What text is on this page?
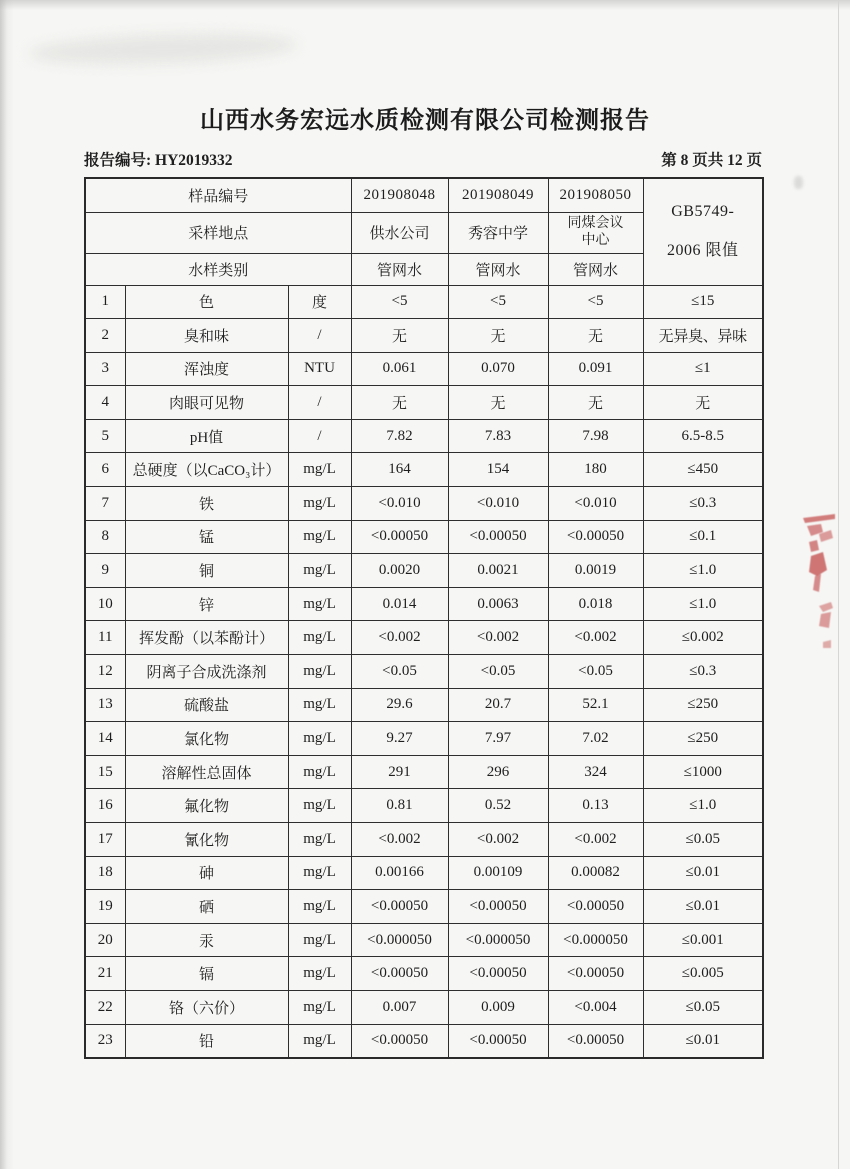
山西水务宏远水质检测有限公司检测报告
报告编号: HY2019332	第 8 页共 12 页
样品编号			201908048	201908049	201908050	GB5749-
2006 限值

采样地点			供水公司	秀容中学	同煤会议中心	
水样类别			管网水	管网水	管网水	
1	色	度	<5	<5	<5	≤15
2	臭和味	/	无	无	无	无异臭、异味
3	浑浊度	NTU	0.061	0.070	0.091	≤1
4	肉眼可见物	/	无	无	无	无
5	pH值	/	7.82	7.83	7.98	6.5-8.5
6	总硬度（以CaCO₃计）	mg/L	164	154	180	≤450
7	铁	mg/L	<0.010	<0.010	<0.010	≤0.3
8	锰	mg/L	<0.00050	<0.00050	<0.00050	≤0.1
9	铜	mg/L	0.0020	0.0021	0.0019	≤1.0
10	锌	mg/L	0.014	0.0063	0.018	≤1.0
11	挥发酚（以苯酚计）	mg/L	<0.002	<0.002	<0.002	≤0.002
12	阴离子合成洗涤剂	mg/L	<0.05	<0.05	<0.05	≤0.3
13	硫酸盐	mg/L	29.6	20.7	52.1	≤250
14	氯化物	mg/L	9.27	7.97	7.02	≤250
15	溶解性总固体	mg/L	291	296	324	≤1000
16	氟化物	mg/L	0.81	0.52	0.13	≤1.0
17	氰化物	mg/L	<0.002	<0.002	<0.002	≤0.05
18	砷	mg/L	0.00166	0.00109	0.00082	≤0.01
19	硒	mg/L	<0.00050	<0.00050	<0.00050	≤0.01
20	汞	mg/L	<0.000050	<0.000050	<0.000050	≤0.001
21	镉	mg/L	<0.00050	<0.00050	<0.00050	≤0.005
22	铬（六价）	mg/L	0.007	0.009	<0.004	≤0.05
23	铅	mg/L	<0.00050	<0.00050	<0.00050	≤0.01
